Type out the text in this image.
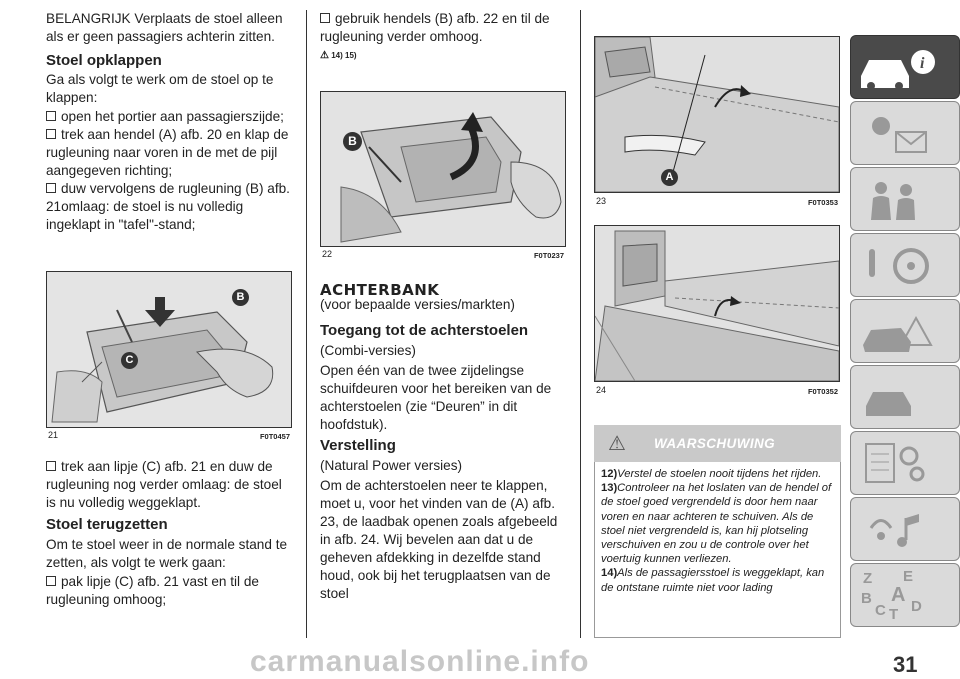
BELANGRIJK Verplaats de stoel alleen als er geen passagiers achterin zitten.

Stoel opklappen

Ga als volgt te werk om de stoel op te klappen:

open het portier aan passagierszijde;

trek aan hendel (A) afb. 20 en klap de rugleuning naar voren in de met de pijl aangegeven richting;

duw vervolgens de rugleuning (B) afb. 21omlaag: de stoel is nu volledig ingeklapt in "tafel"-stand;

B
C
21	F0T0457

trek aan lipje (C) afb. 21 en duw de rugleuning nog verder omlaag: de stoel is nu volledig weggeklapt.

Stoel terugzetten

Om te stoel weer in de normale stand te zetten, als volgt te werk gaan:

pak lipje (C) afb. 21 vast en til de rugleuning omhoog;

gebruik hendels (B) afb. 22 en til de rugleuning verder omhoog.

⚠ 14) 15)
B
22	F0T0237

ACHTERBANK

(voor bepaalde versies/markten)

Toegang tot de achterstoelen

(Combi-versies)

Open één van de twee zijdelingse schuifdeuren voor het bereiken van de achterstoelen (zie “Deuren” in dit hoofdstuk).

Verstelling

(Natural Power versies)

Om de achterstoelen neer te klappen, moet u, voor het vinden van de (A) afb. 23, de laadbak openen zoals afgebeeld in afb. 24. Wij bevelen aan dat u de geheven afdekking in dezelfde stand houd, ook bij het terugplaatsen van de stoel

A
23	F0T0353
24	F0T0352
⚠ WAARSCHUWING

12)Verstel de stoelen nooit tijdens het rijden.

13)Controleer na het loslaten van de hendel of de stoel goed vergrendeld is door hem naar voren en naar achteren te schuiven. Als de stoel niet vergrendeld is, kan hij plotseling verschuiven en zou u de controle over het voertuig kunnen verliezen.

14)Als de passagiersstoel is weggeklapt, kan de ontstane ruimte niet voor lading

i
Z E
B A
C T D
carmanualsonline.info	31
